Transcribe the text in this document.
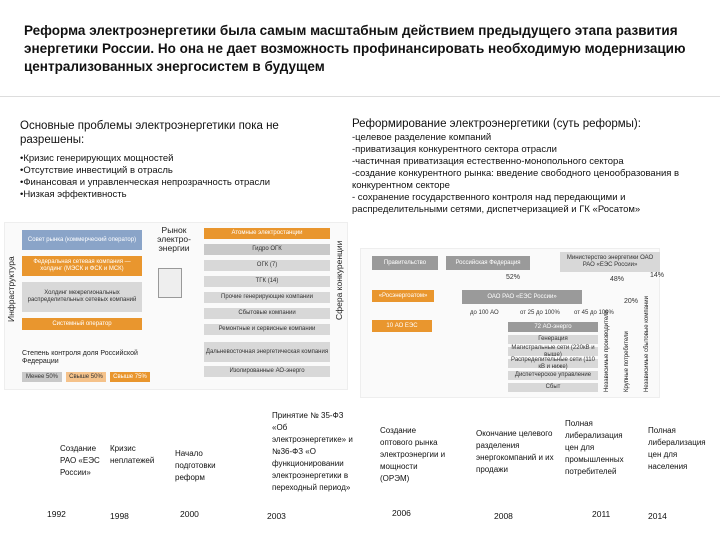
Реформа электроэнергетики была самым масштабным действием предыдущего этапа развития энергетики России. Но она не дает возможность профинансировать необходимую модернизацию централизованных энергосистем в будущем
Основные проблемы электроэнергетики пока не разрешены:
•Кризис генерирующих мощностей
•Отсутствие инвестиций в отрасль
•Финансовая и управленческая непрозрачность отрасли
•Низкая эффективность
Реформирование электроэнергетики (суть реформы):
-целевое разделение компаний
-приватизация конкурентного сектора отрасли
-частичная приватизация естественно-монопольного сектора
-создание конкурентного рынка: введение свободного ценообразования в конкурентном секторе
- сохранение государственного контроля над передающими и распределительными сетями, диспетчеризацией и ГК «Росатом»
Инфраструктура
Совет рынка (коммерческий оператор)
Федеральная сетевая компания — холдинг (МЭСК и ФСК и МСК)
Холдинг межрегиональных распределительных сетевых компаний
Системный оператор
Степень контроля доля Российской Федерации
Менее 50%	Свыше 50%	Свыше 75%
Рынок электро-энергии
Атомные электростанции
Гидро ОГК
ОГК (7)
ТГК (14)
Прочие генерирующие компании
Сбытовые компании
Ремонтные и сервисные компании
Дальневосточная энергетическая компания
Изолированные АО-энерго
Сфера конкуренции	Правительство	Российская Федерация
Министерство энергетики ОАО РАО «ЕЭС России»
52%	48%
«Росэнергоатом»	ОАО РАО «ЕЭС России»
14%
20%
до 100 АО	от 25 до 100% от 45 до 100%
10 АО ЕЭС	72 АО-энерго
Генерация
Магистральные сети (220кВ и выше)
Распределительные сети (110 кВ и ниже)
Диспетчерское управление
Сбыт	Независимые производители Крупные потребители Независимые сбытовые компании
Создание РАО «ЕЭС России»
Кризис неплатежей
Начало подготовки реформ
Принятие № 35-ФЗ «Об электроэнергетике» и №36-ФЗ «О функционировании электроэнергетики в переходный период»
Создание оптового рынка электроэнергии и мощности (ОРЭМ)
Окончание целевого разделения энергокомпаний и их продажи
Полная либерализация цен для промышленных потребителей
Полная либерализация цен для населения
1992	1998	2000	2003	2006	2008	2011	2014
